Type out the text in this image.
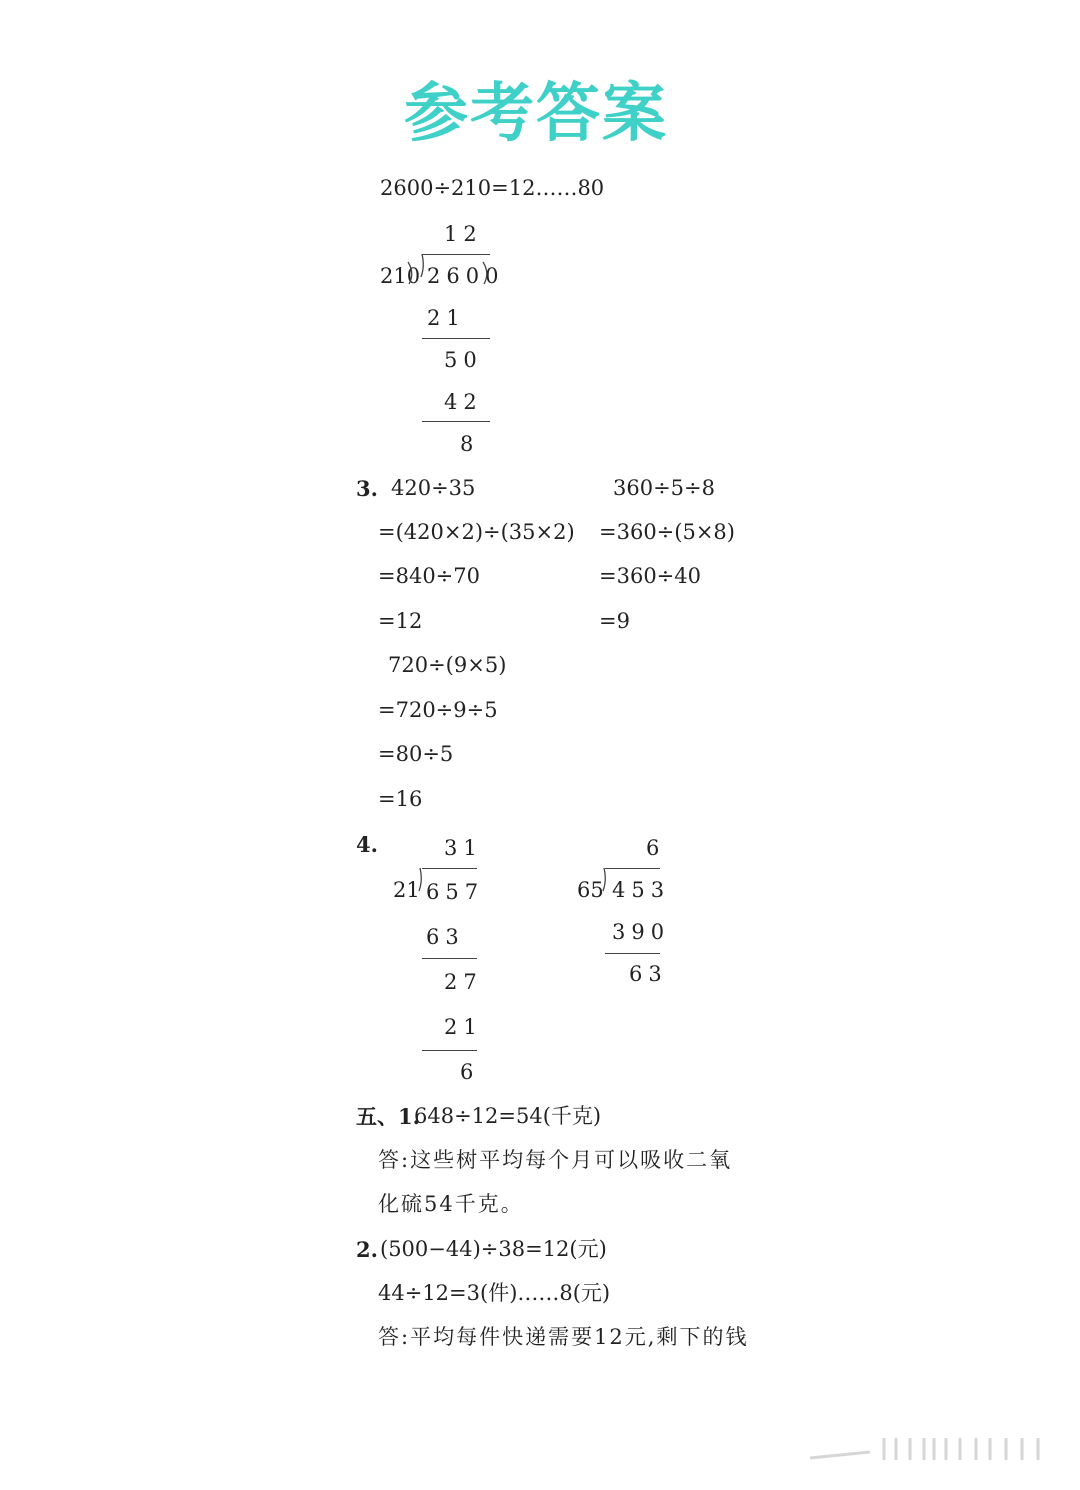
参考答案
2600÷210=12……80
12
210 2600
21
50
42
8
3. 420÷35
=(420×2)÷(35×2)
=840÷70
=12
360÷5÷8
=360÷(5×8)
=360÷40
=9
720÷(9×5)
=720÷9÷5
=80÷5
=16
4.	31
21 657
63
27
21
6
6
65 453
390
63
五、1.
648÷12=54(千克)
答:这些树平均每个月可以吸收二氧
化硫54千克。
2. (500−44)÷38=12(元)
44÷12=3(件)……8(元)
答:平均每件快递需要12元,剩下的钱
